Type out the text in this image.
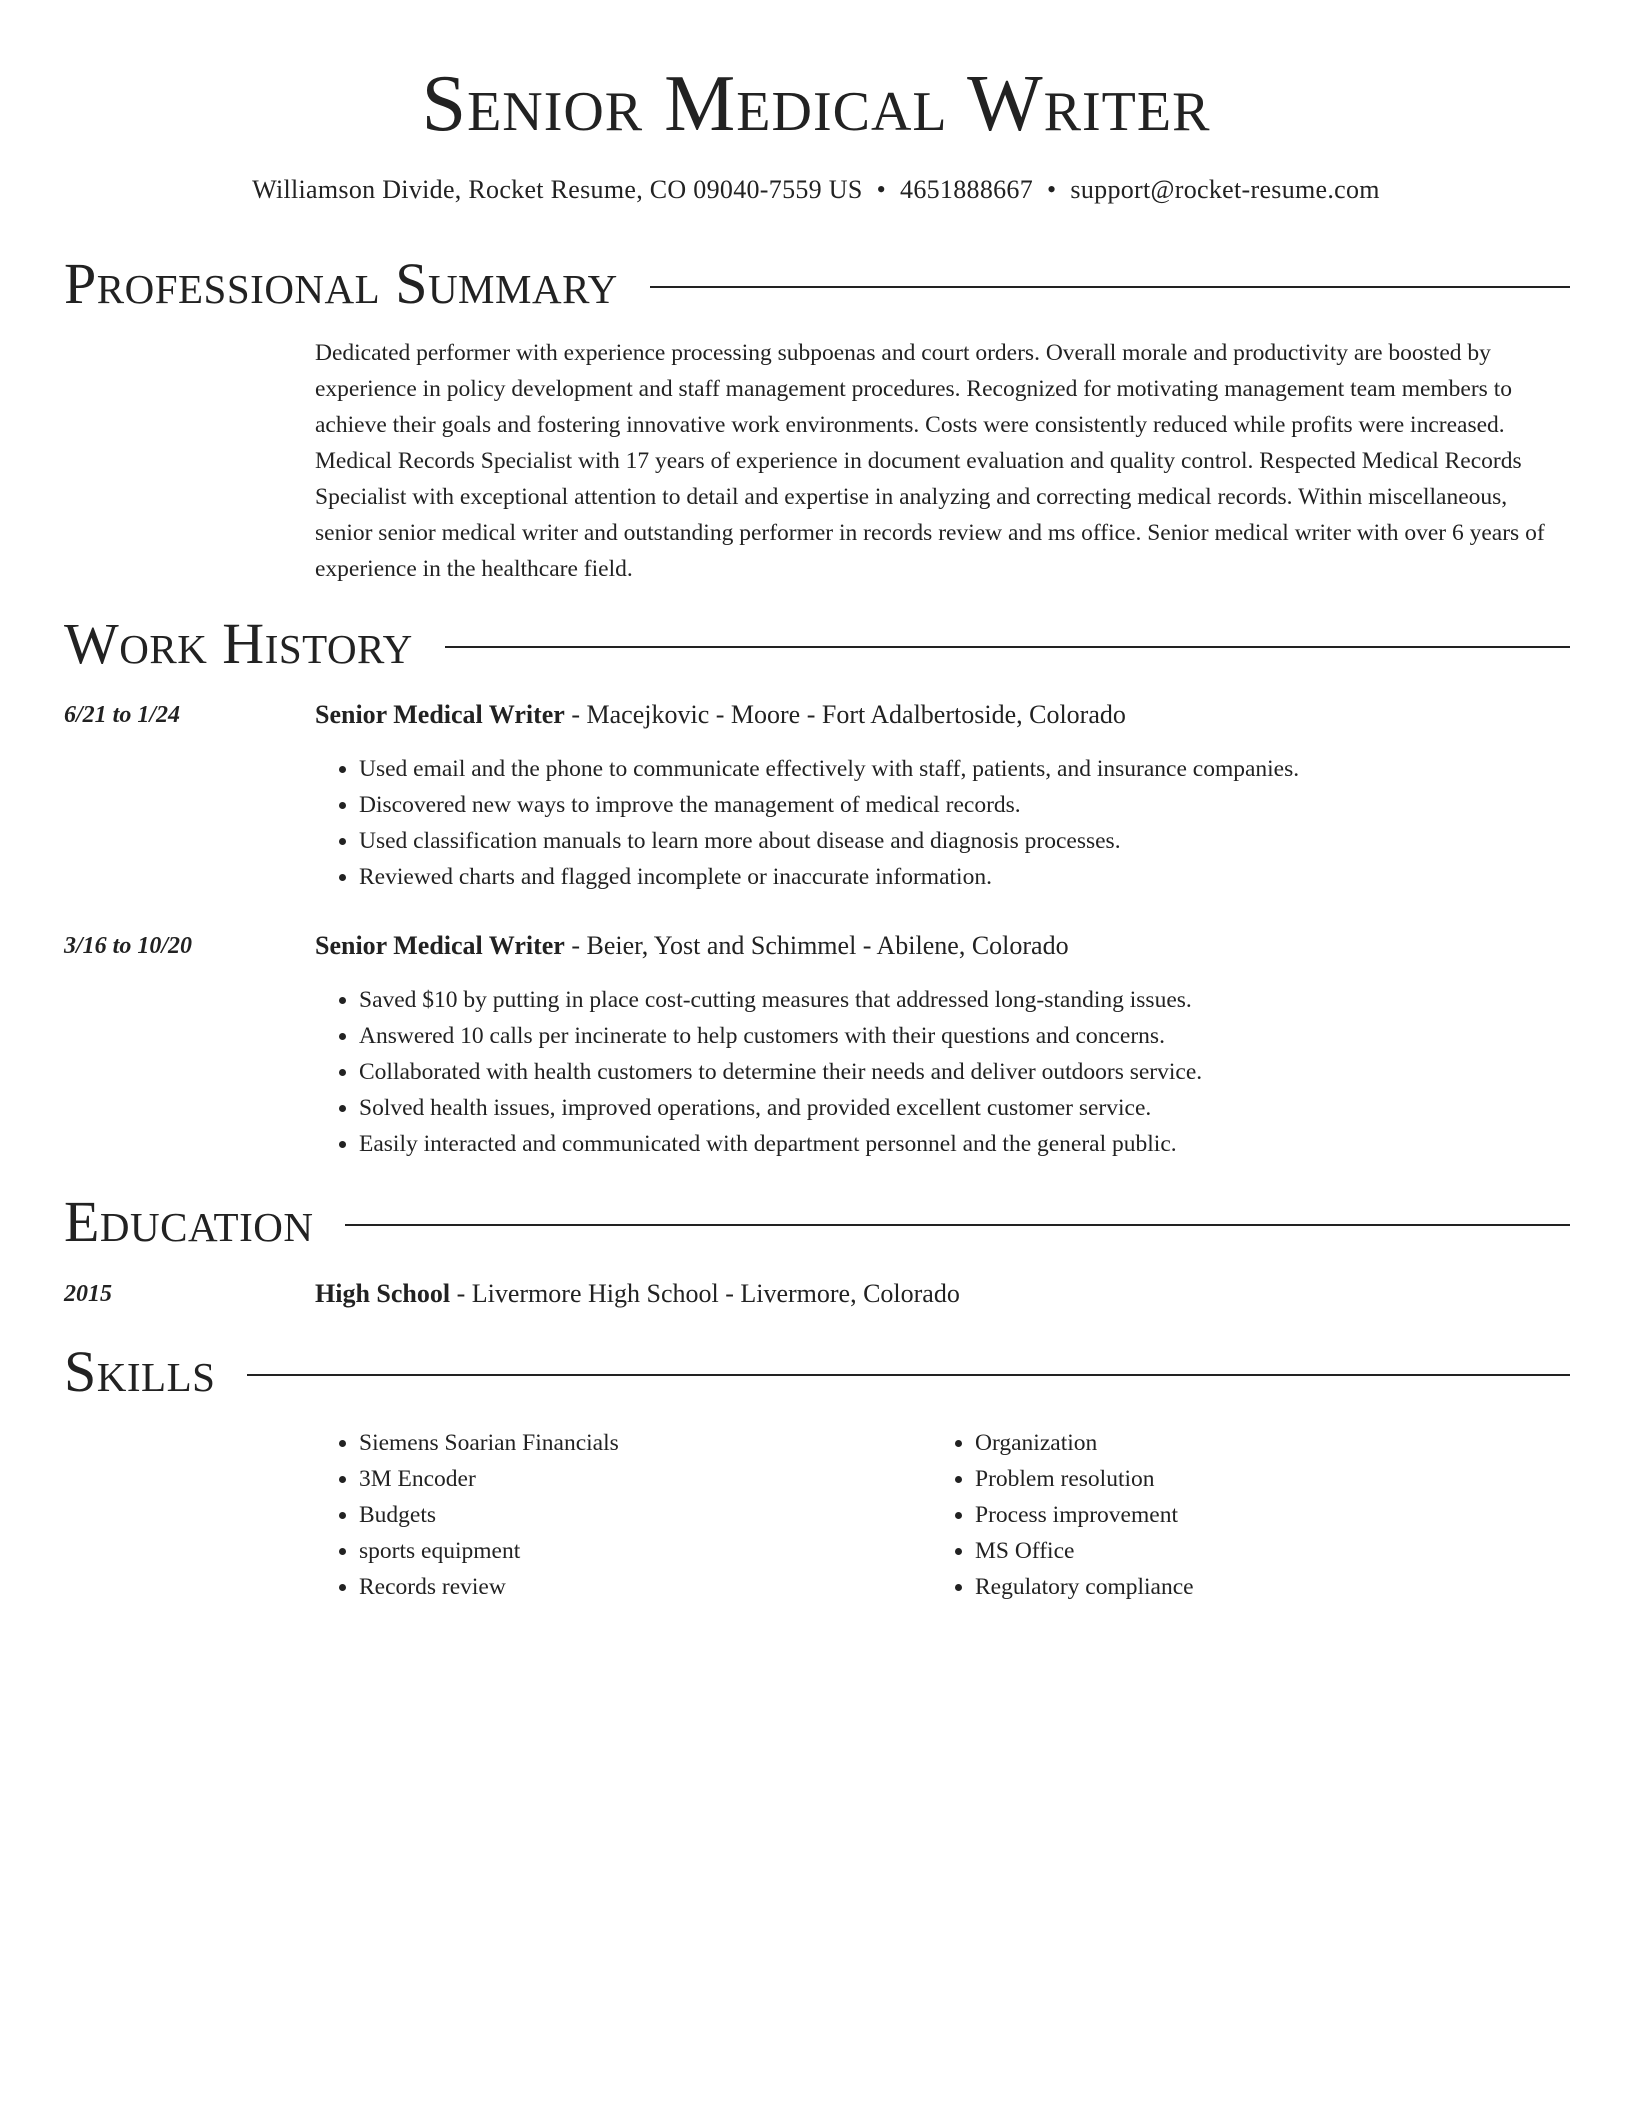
Senior Medical Writer
Williamson Divide, Rocket Resume, CO 09040-7559 US • 4651888667 • support@rocket-resume.com
Professional Summary

Dedicated performer with experience processing subpoenas and court orders. Overall morale and productivity are boosted by experience in policy development and staff management procedures. Recognized for motivating management team members to achieve their goals and fostering innovative work environments. Costs were consistently reduced while profits were increased. Medical Records Specialist with 17 years of experience in document evaluation and quality control. Respected Medical Records Specialist with exceptional attention to detail and expertise in analyzing and correcting medical records. Within miscellaneous, senior senior medical writer and outstanding performer in records review and ms office. Senior medical writer with over 6 years of experience in the healthcare field.

Work History
6/21 to 1/24	Senior Medical Writer - Macejkovic - Moore - Fort Adalbertoside, Colorado
• Used email and the phone to communicate effectively with staff, patients, and insurance companies.
• Discovered new ways to improve the management of medical records.
• Used classification manuals to learn more about disease and diagnosis processes.
• Reviewed charts and flagged incomplete or inaccurate information.
3/16 to 10/20	Senior Medical Writer - Beier, Yost and Schimmel - Abilene, Colorado
• Saved $10 by putting in place cost-cutting measures that addressed long-standing issues.
• Answered 10 calls per incinerate to help customers with their questions and concerns.
• Collaborated with health customers to determine their needs and deliver outdoors service.
• Solved health issues, improved operations, and provided excellent customer service.
• Easily interacted and communicated with department personnel and the general public.
Education
2015	High School - Livermore High School - Livermore, Colorado
Skills
• Siemens Soarian Financials
• 3M Encoder
• Budgets
• sports equipment
• Records review
• Organization
• Problem resolution
• Process improvement
• MS Office
• Regulatory compliance
